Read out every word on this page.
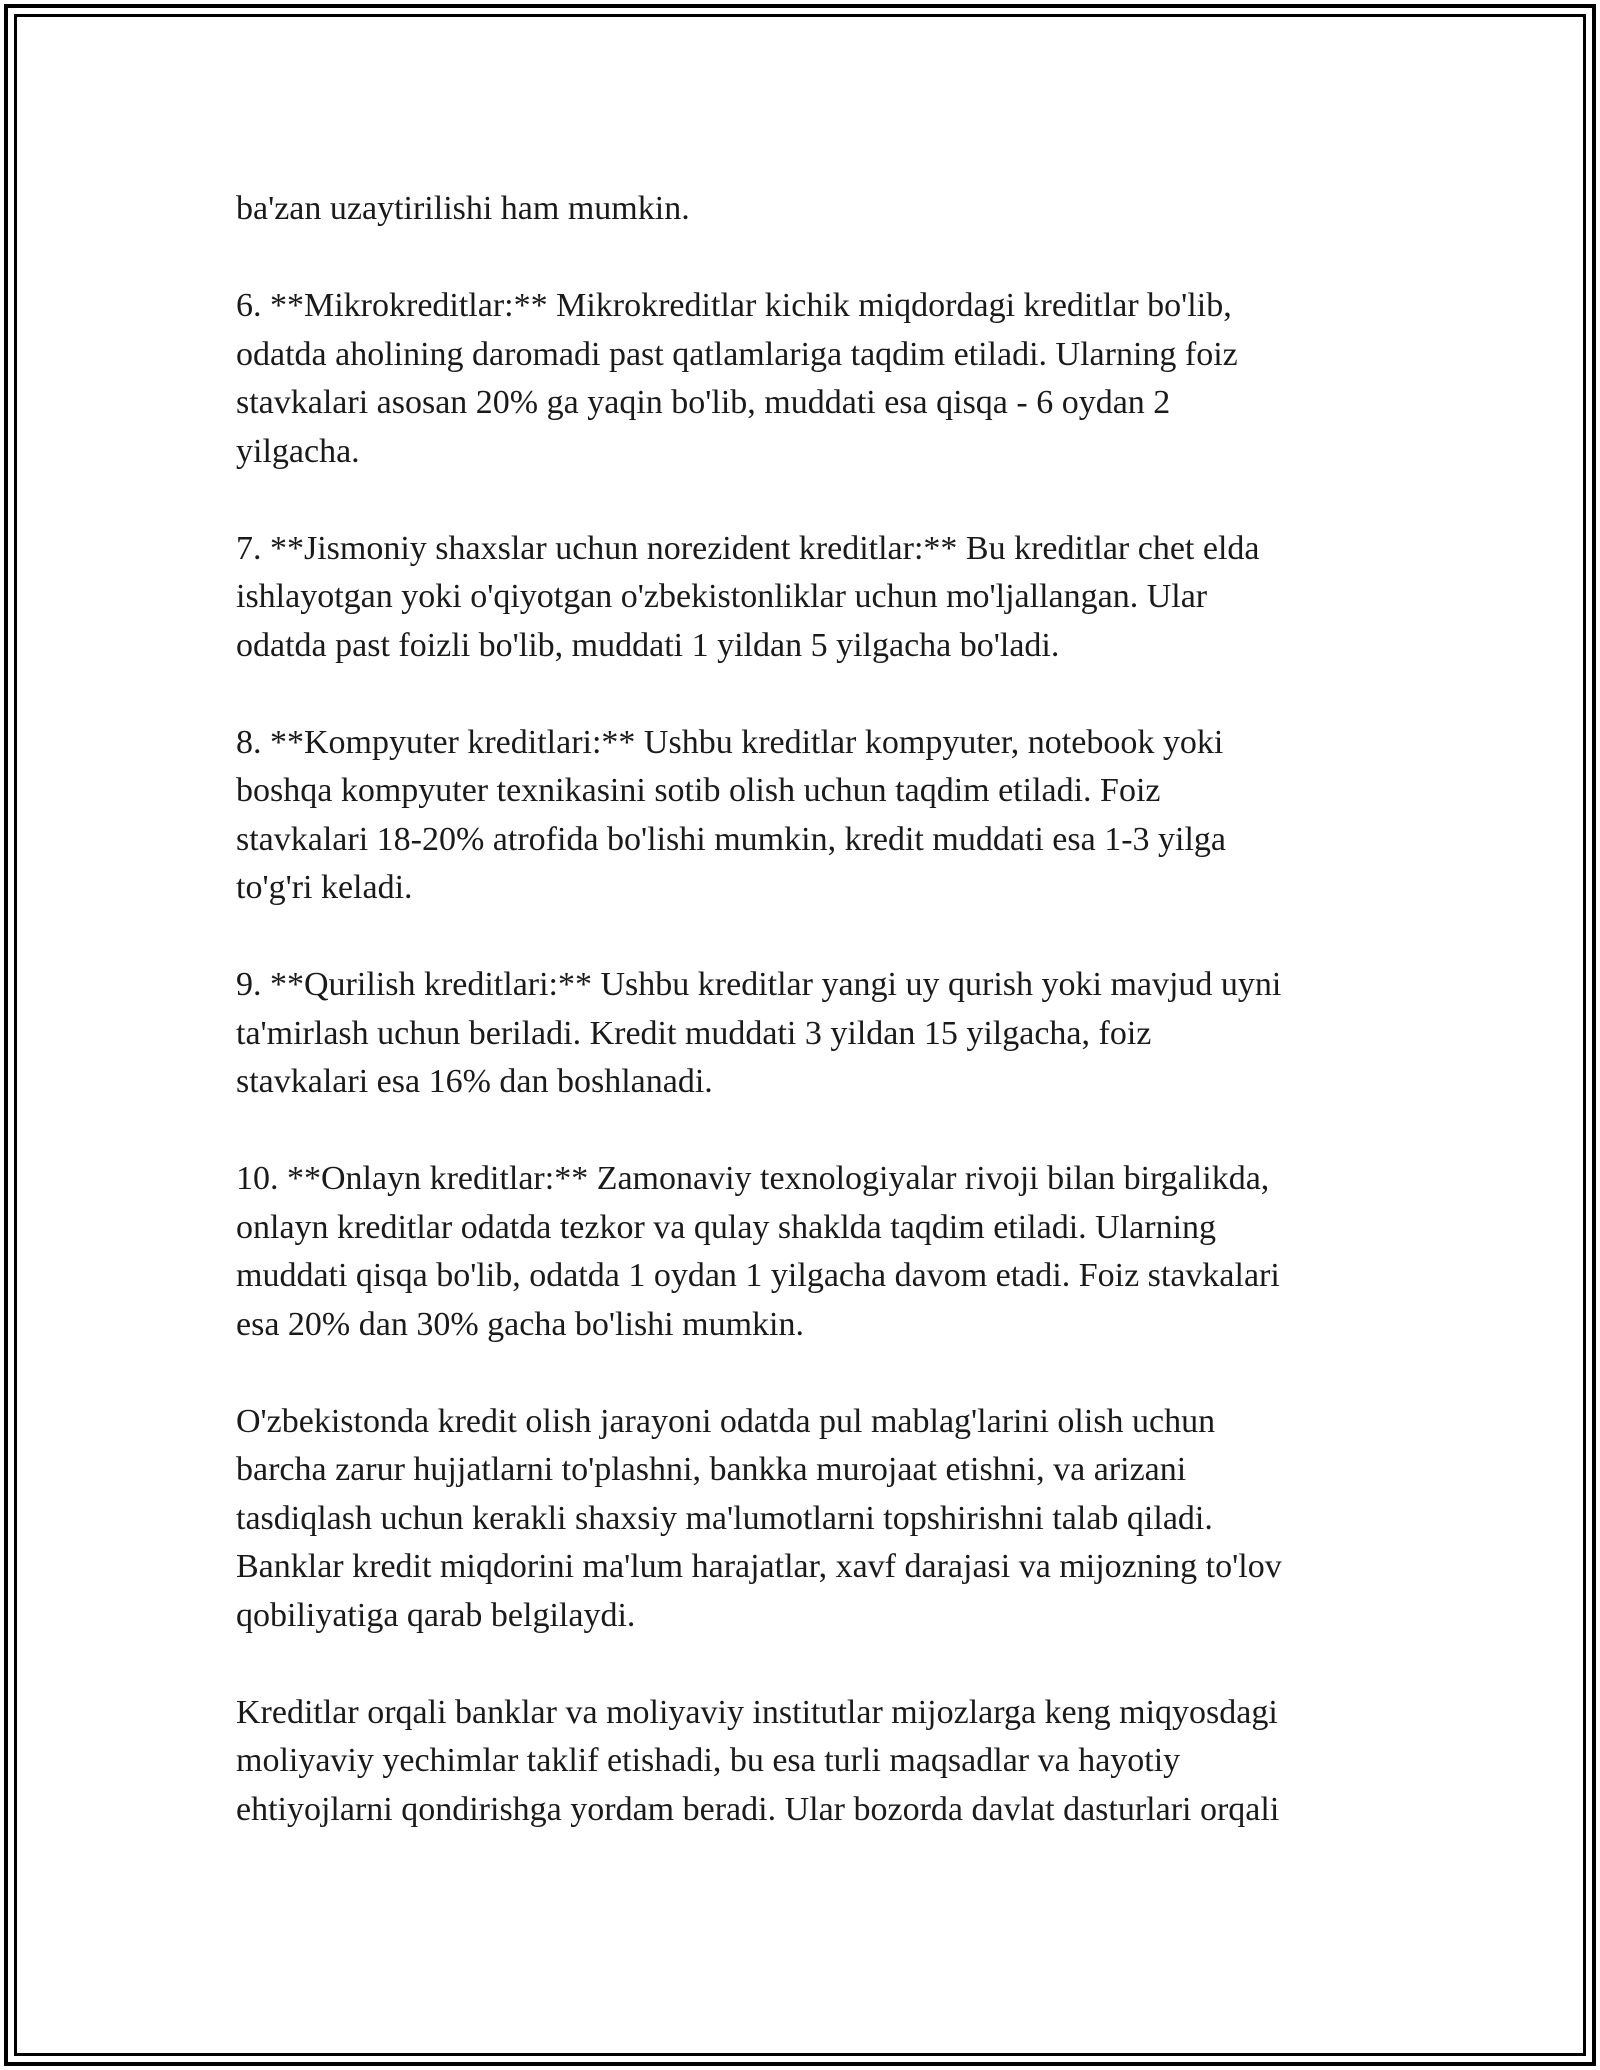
ba'zan uzaytirilishi ham mumkin.

6. **Mikrokreditlar:** Mikrokreditlar kichik miqdordagi kreditlar bo'lib,
odatda aholining daromadi past qatlamlariga taqdim etiladi. Ularning foiz
stavkalari asosan 20% ga yaqin bo'lib, muddati esa qisqa - 6 oydan 2
yilgacha.

7. **Jismoniy shaxslar uchun norezident kreditlar:** Bu kreditlar chet elda
ishlayotgan yoki o'qiyotgan o'zbekistonliklar uchun mo'ljallangan. Ular
odatda past foizli bo'lib, muddati 1 yildan 5 yilgacha bo'ladi.

8. **Kompyuter kreditlari:** Ushbu kreditlar kompyuter, notebook yoki
boshqa kompyuter texnikasini sotib olish uchun taqdim etiladi. Foiz
stavkalari 18-20% atrofida bo'lishi mumkin, kredit muddati esa 1-3 yilga
to'g'ri keladi.

9. **Qurilish kreditlari:** Ushbu kreditlar yangi uy qurish yoki mavjud uyni
ta'mirlash uchun beriladi. Kredit muddati 3 yildan 15 yilgacha, foiz
stavkalari esa 16% dan boshlanadi.

10. **Onlayn kreditlar:** Zamonaviy texnologiyalar rivoji bilan birgalikda,
onlayn kreditlar odatda tezkor va qulay shaklda taqdim etiladi. Ularning
muddati qisqa bo'lib, odatda 1 oydan 1 yilgacha davom etadi. Foiz stavkalari
esa 20% dan 30% gacha bo'lishi mumkin.

O'zbekistonda kredit olish jarayoni odatda pul mablag'larini olish uchun
barcha zarur hujjatlarni to'plashni, bankka murojaat etishni, va arizani
tasdiqlash uchun kerakli shaxsiy ma'lumotlarni topshirishni talab qiladi.
Banklar kredit miqdorini ma'lum harajatlar, xavf darajasi va mijozning to'lov
qobiliyatiga qarab belgilaydi.

Kreditlar orqali banklar va moliyaviy institutlar mijozlarga keng miqyosdagi
moliyaviy yechimlar taklif etishadi, bu esa turli maqsadlar va hayotiy
ehtiyojlarni qondirishga yordam beradi. Ular bozorda davlat dasturlari orqali
